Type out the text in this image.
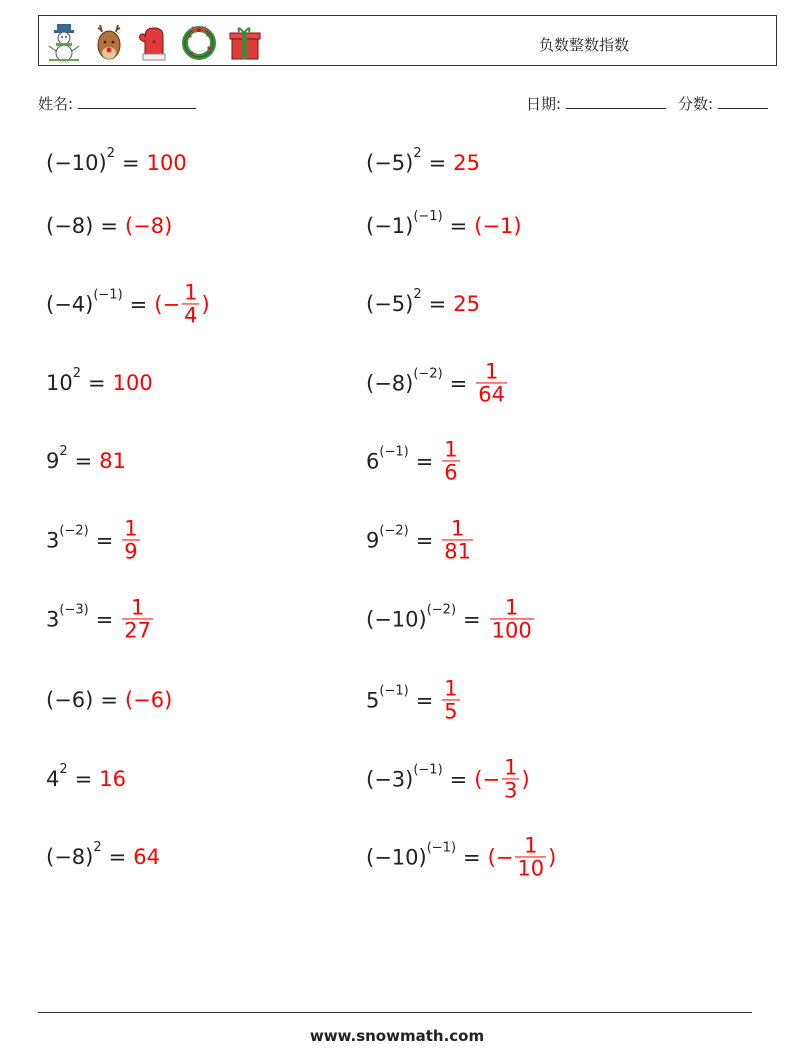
*	负数整数指数
姓名:	日期:	分数:
$(-10)^2 = 100$	$(-5)^2 = 25$
(−8) = (−8)	$(-1)^{(-1)} = (-1)$
$(-4)^{(-1)}$ = (− $\frac{1}{4}$ )	$(-5)^2 = 25$
$10^2 = 100$	$(-8)^{(-2)} = \frac{1}{64}$
$9^2 = 81$	$6^{(-1)} = \frac{1}{6}$
$3^{(-2)} = \frac{1}{9}$	$9^{(-2)} = \frac{1}{81}$
$3^{(-3)} = \frac{1}{27}$	$(-10)^{(-2)} = \frac{1}{100}$
(−6) = (−6)	$5^{(-1)} = \frac{1}{5}$
$4^2 = 16$	$(-3)^{(-1)}$ = (− $\frac{1}{3}$ )
$(-8)^2 = 64$	$(-10)^{(-1)}$ = (− $\frac{1}{10}$ )
www.snowmath.com
